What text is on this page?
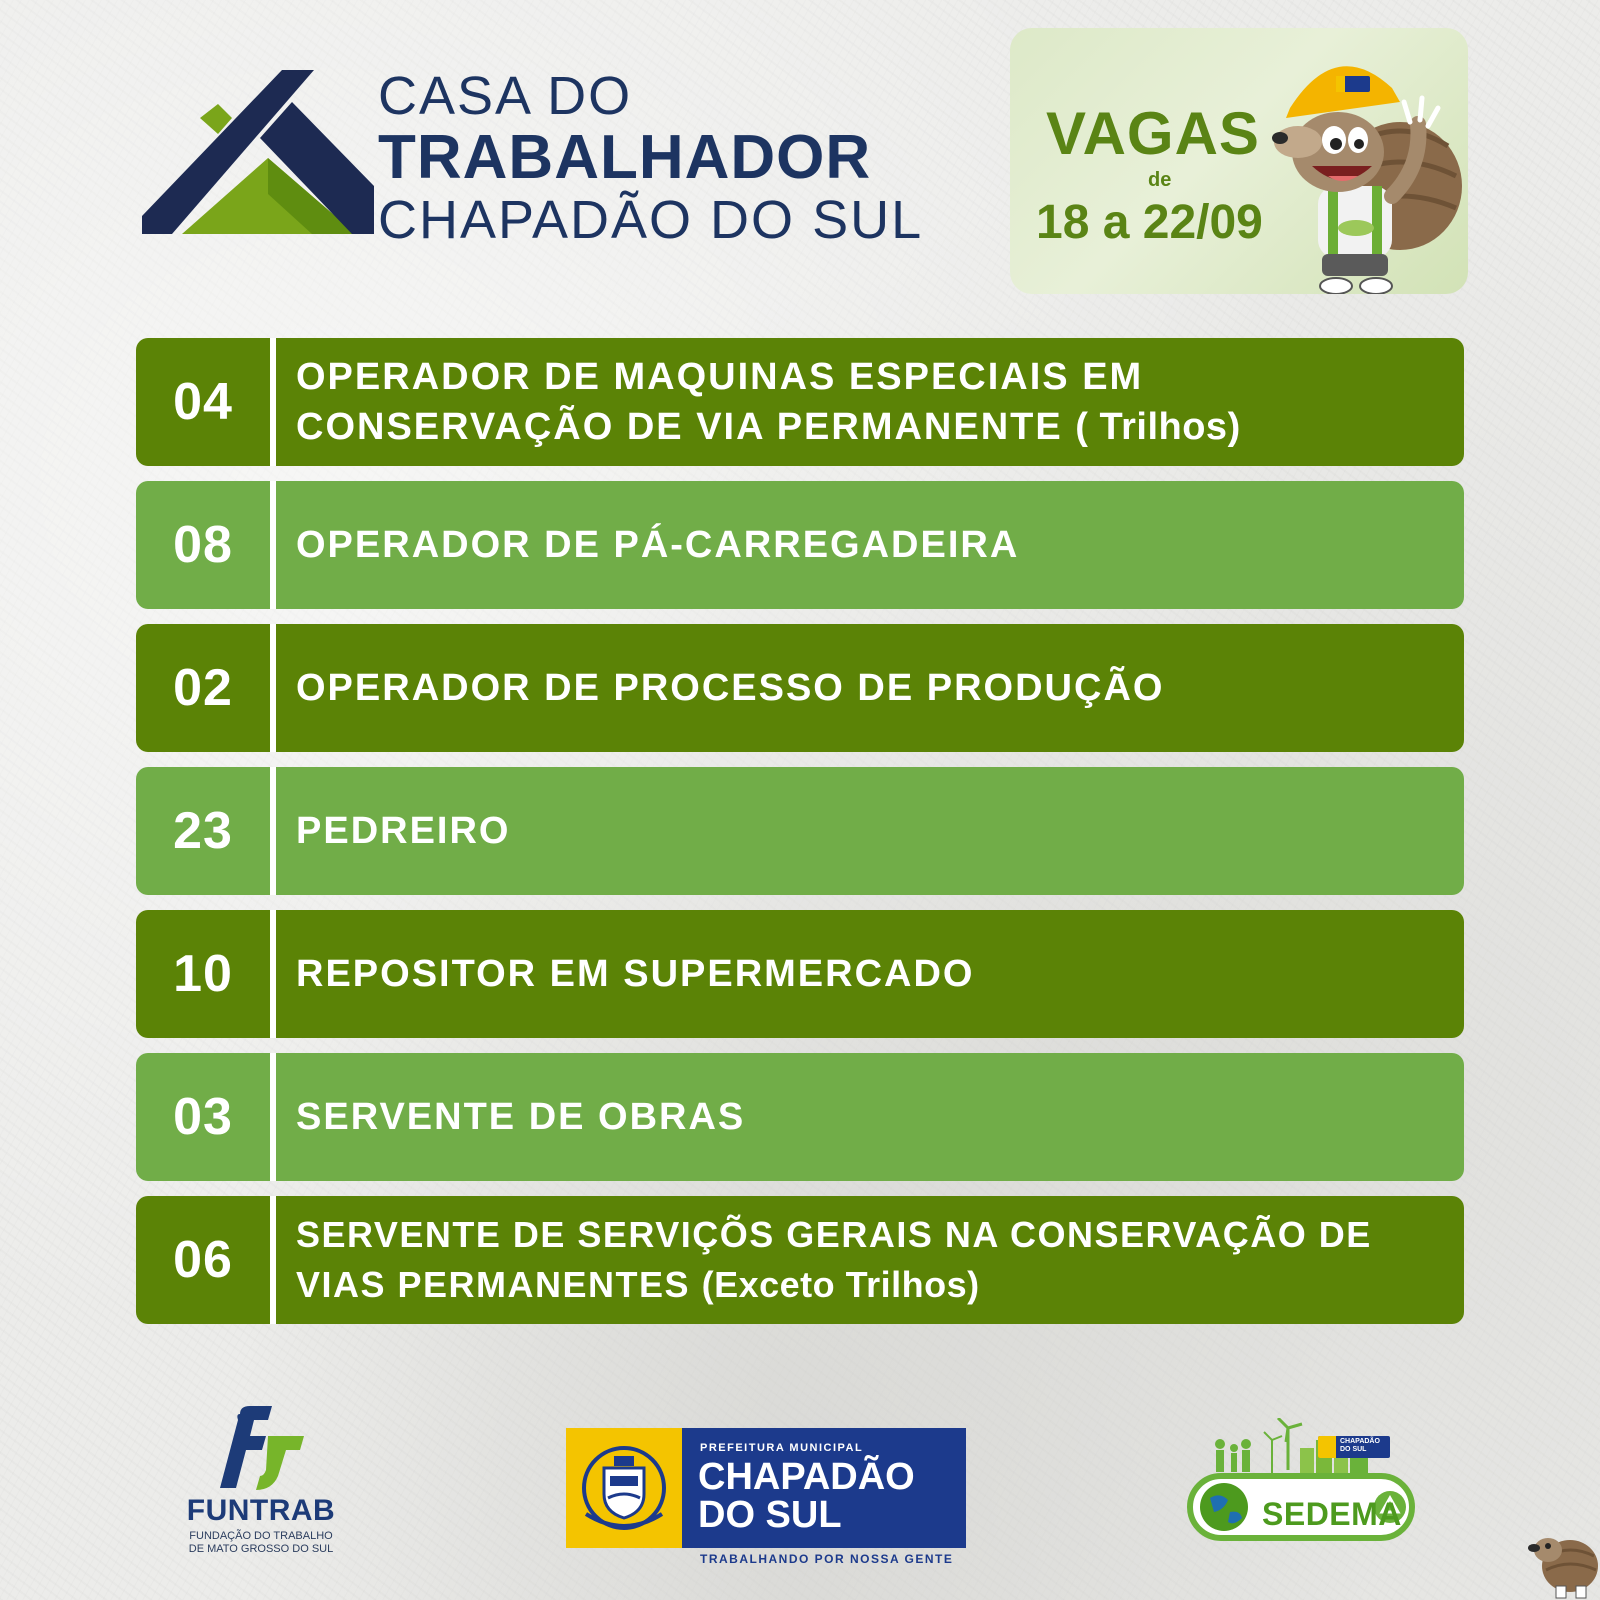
CASA DO
TRABALHADOR
CHAPADÃO DO SUL
VAGAS
de
18 a 22/09
04	OPERADOR DE MAQUINAS ESPECIAIS EM
CONSERVAÇÃO DE VIA PERMANENTE ( Trilhos)
08	OPERADOR DE PÁ-CARREGADEIRA
02	OPERADOR DE PROCESSO DE PRODUÇÃO
23	PEDREIRO
10	REPOSITOR EM SUPERMERCADO
03	SERVENTE DE OBRAS
06	SERVENTE DE SERVIÇÕS GERAIS NA CONSERVAÇÃO DE
VIAS PERMANENTES (Exceto Trilhos)
FUNTRAB
FUNDAÇÃO DO TRABALHO
DE MATO GROSSO DO SUL
PREFEITURA MUNICIPAL
CHAPADÃO
DO SUL
TRABALHANDO POR NOSSA GENTE
CHAPADÃO
DO SUL
SEDEMA
